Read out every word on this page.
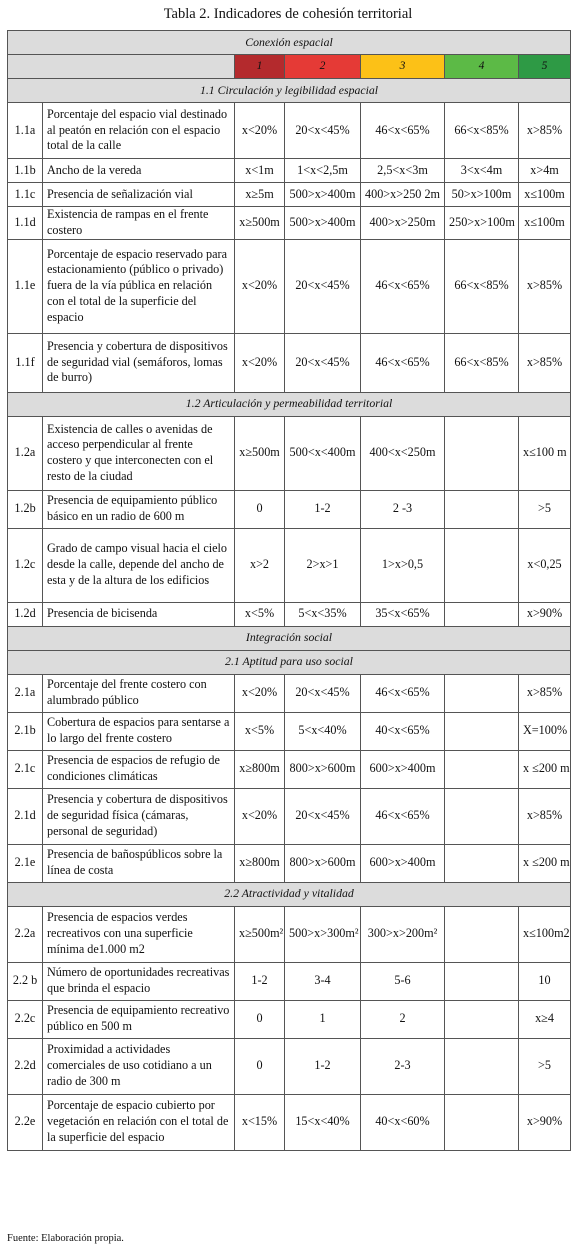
Tabla 2. Indicadores de cohesión territorial
Conexión espacial						
		1	2	3	4	5
1.1 Circulación y legibilidad espacial						
1.1a	Porcentaje del espacio vial destinado al peatón en relación con el espacio total de la calle	x<20%	20<x<45%	46<x<65%	66<x<85%	x>85%
1.1b	Ancho de la vereda	x<1m	1<x<2,5m	2,5<x<3m	3<x<4m	x>4m
1.1c	Presencia de señalización vial	x≥5m	500>x>400m	400>x>250 2m	50>x>100m	x≤100m
1.1d	Existencia de rampas en el frente costero	x≥500m	500>x>400m	400>x>250m	250>x>100m	x≤100m
1.1e	Porcentaje de espacio reservado para estacionamiento (público o privado) fuera de la vía pública en relación con el total de la superficie del espacio	x<20%	20<x<45%	46<x<65%	66<x<85%	x>85%
1.1f	Presencia y cobertura de dispositivos de seguridad vial (semáforos, lomas de burro)	x<20%	20<x<45%	46<x<65%	66<x<85%	x>85%
1.2 Articulación y permeabilidad territorial						
1.2a	Existencia de calles o avenidas de acceso perpendicular al frente costero y que interconecten con el resto de la ciudad	x≥500m	500<x<400m	400<x<250m		x≤100 m
1.2b	Presencia de equipamiento público básico en un radio de 600 m	0	1-2	2 -3		>5
1.2c	Grado de campo visual hacia el cielo desde la calle, depende del ancho de esta y de la altura de los edificios	x>2	2>x>1	1>x>0,5		x<0,25
1.2d	Presencia de bicisenda	x<5%	5<x<35%	35<x<65%		x>90%
Integración social						
2.1 Aptitud para uso social						
2.1a	Porcentaje del frente costero con alumbrado público	x<20%	20<x<45%	46<x<65%		x>85%
2.1b	Cobertura de espacios para sentarse a lo largo del frente costero	x<5%	5<x<40%	40<x<65%		X=100%
2.1c	Presencia de espacios de refugio de condiciones climáticas	x≥800m	800>x>600m	600>x>400m		x ≤200 m
2.1d	Presencia y cobertura de dispositivos de seguridad física (cámaras, personal de seguridad)	x<20%	20<x<45%	46<x<65%		x>85%
2.1e	Presencia de bañospúblicos sobre la línea de costa	x≥800m	800>x>600m	600>x>400m		x ≤200 m
2.2 Atractividad y vitalidad						
2.2a	Presencia de espacios verdes recreativos con una superficie mínima de1.000 m2	x≥500m²	500>x>300m²	300>x>200m²		x≤100m2
2.2 b	Número de oportunidades recreativas que brinda el espacio	1-2	3-4	5-6		10
2.2c	Presencia de equipamiento recreativo público en 500 m	0	1	2		x≥4
2.2d	Proximidad a actividades comerciales de uso cotidiano a un radio de 300 m	0	1-2	2-3		>5
2.2e	Porcentaje de espacio cubierto por vegetación en relación con el total de la superficie del espacio	x<15%	15<x<40%	40<x<60%		x>90%
Fuente: Elaboración propia.
